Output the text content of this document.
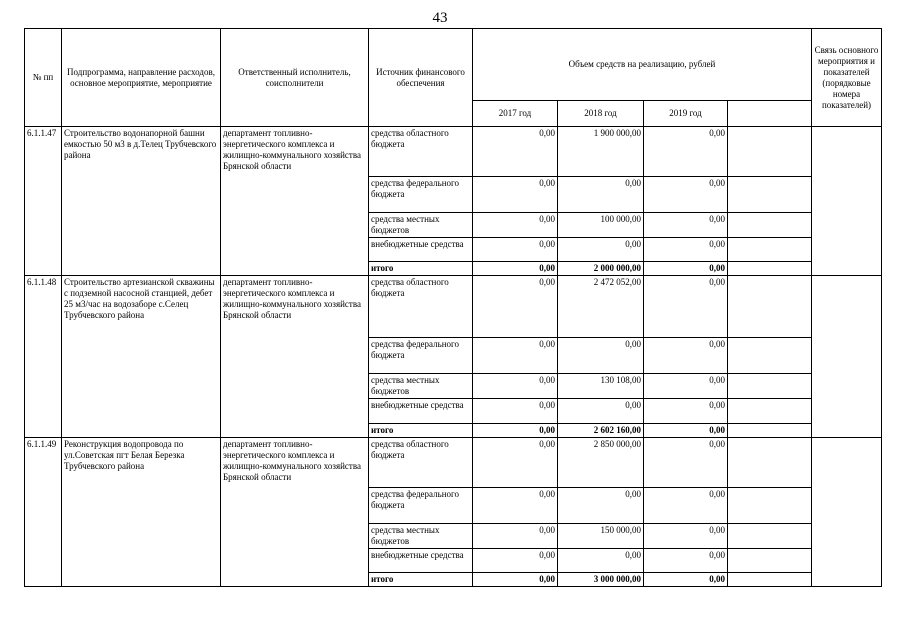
43
№ пп	Подпрограмма, направление расходов, основное мероприятие, мероприятие	Ответственный исполнитель, соисполнители	Источник финансового обеспечения	Объем средств на реализацию, рублей				Связь основного мероприятия и показателей (порядковые номера показателей)
				2017 год	2018 год	2019 год		
6.1.1.47	Строительство водонапорной башни емкостью 50 м3 в д.Телец Трубчевского района	департамент топливно-энергетического комплекса и жилищно-коммунального хозяйства Брянской области	средства областного бюджета	0,00	1 900 000,00	0,00		
			средства федерального бюджета	0,00	0,00	0,00		
			средства местных бюджетов	0,00	100 000,00	0,00		
			внебюджетные средства	0,00	0,00	0,00		
			итого	0,00	2 000 000,00	0,00		
6.1.1.48	Строительство артезианской скважины с подземной насосной станцией, дебет 25 м3/час на водозаборе с.Селец Трубчевского района	департамент топливно-энергетического комплекса и жилищно-коммунального хозяйства Брянской области	средства областного бюджета	0,00	2 472 052,00	0,00		
			средства федерального бюджета	0,00	0,00	0,00		
			средства местных бюджетов	0,00	130 108,00	0,00		
			внебюджетные средства	0,00	0,00	0,00		
			итого	0,00	2 602 160,00	0,00		
6.1.1.49	Реконструкция водопровода по ул.Советская пгт Белая Березка Трубчевского района	департамент топливно-энергетического комплекса и жилищно-коммунального хозяйства Брянской области	средства областного бюджета	0,00	2 850 000,00	0,00		
			средства федерального бюджета	0,00	0,00	0,00		
			средства местных бюджетов	0,00	150 000,00	0,00		
			внебюджетные средства	0,00	0,00	0,00		
			итого	0,00	3 000 000,00	0,00		
